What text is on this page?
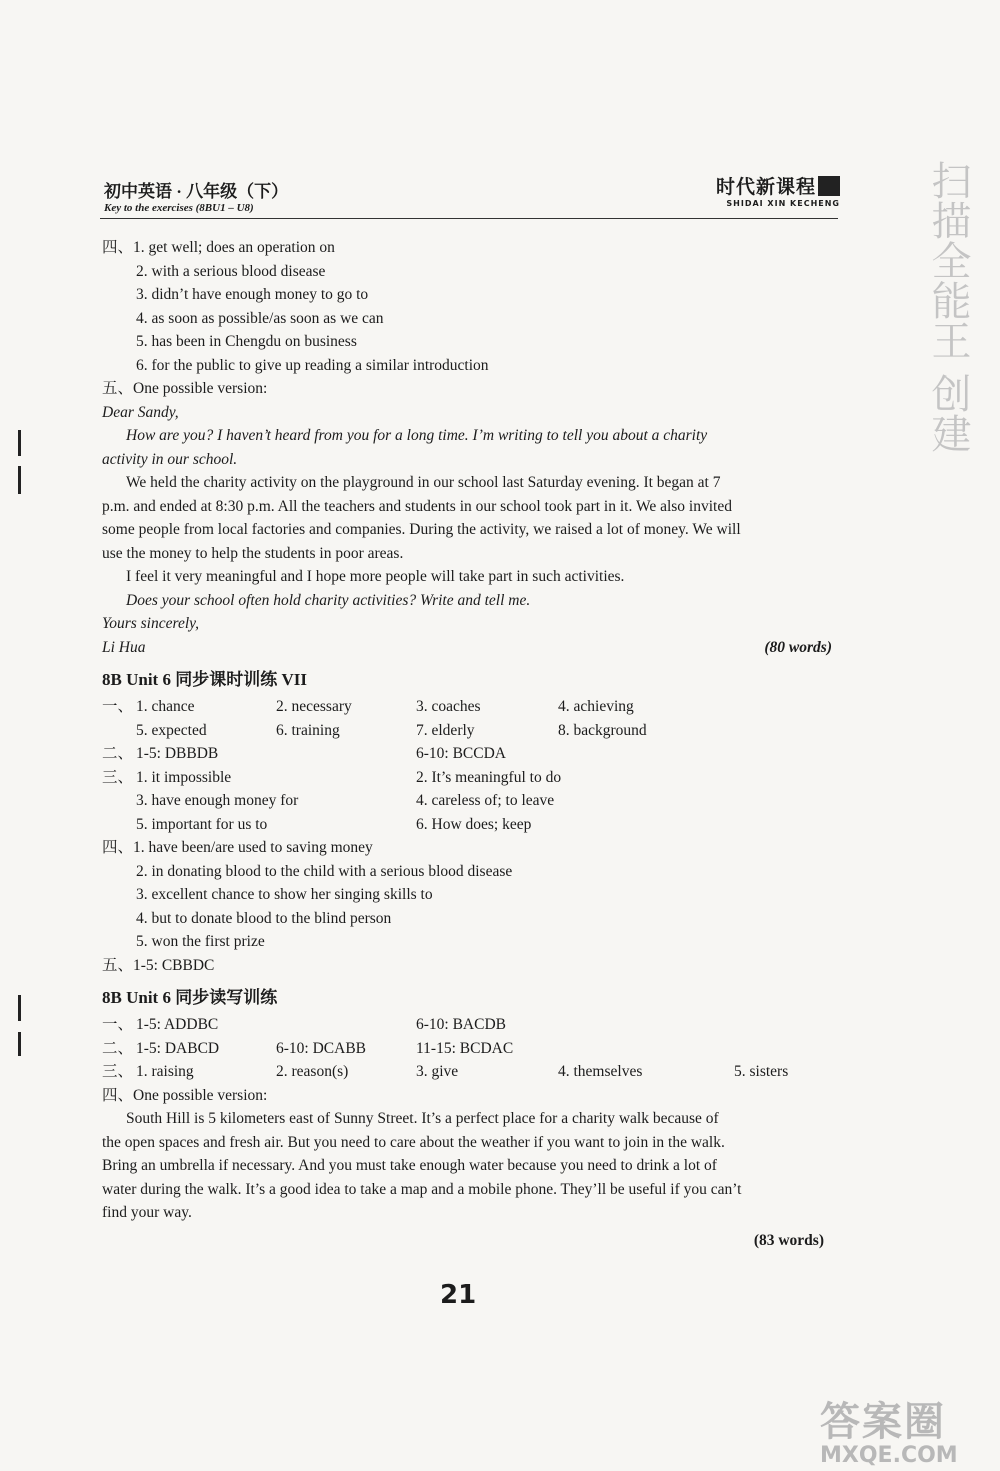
初中英语 · 八年级（下）
Key to the exercises (8BU1 – U8)
时代新课程
SHIDAI XIN KECHENG
四、1. get well; does an operation on
2. with a serious blood disease
3. didn’t have enough money to go to
4. as soon as possible/as soon as we can
5. has been in Chengdu on business
6. for the public to give up reading a similar introduction
五、One possible version:
Dear Sandy,
How are you? I haven’t heard from you for a long time. I’m writing to tell you about a charity
activity in our school.
We held the charity activity on the playground in our school last Saturday evening. It began at 7
p.m. and ended at 8:30 p.m. All the teachers and students in our school took part in it. We also invited
some people from local factories and companies. During the activity, we raised a lot of money. We will
use the money to help the students in poor areas.
I feel it very meaningful and I hope more people will take part in such activities.
Does your school often hold charity activities? Write and tell me.
Yours sincerely,
Li Hua	(80 words)
8B Unit 6 同步课时训练 VII
一、 1. chance	2. necessary	3. coaches	4. achieving
5. expected	6. training	7. elderly	8. background
二、 1-5: DBBDB	6-10: BCCDA
三、 1. it impossible	2. It’s meaningful to do
3. have enough money for	4. careless of; to leave
5. important for us to	6. How does; keep
四、1. have been/are used to saving money
2. in donating blood to the child with a serious blood disease
3. excellent chance to show her singing skills to
4. but to donate blood to the blind person
5. won the first prize
五、1-5: CBBDC
8B Unit 6 同步读写训练
一、 1-5: ADDBC	6-10: BACDB
二、 1-5: DABCD	6-10: DCABB	11-15: BCDAC
三、 1. raising	2. reason(s)	3. give	4. themselves	5. sisters
四、One possible version:
South Hill is 5 kilometers east of Sunny Street. It’s a perfect place for a charity walk because of
the open spaces and fresh air. But you need to care about the weather if you want to join in the walk.
Bring an umbrella if necessary. And you must take enough water because you need to drink a lot of
water during the walk. It’s a good idea to take a map and a mobile phone. They’ll be useful if you can’t
find your way.
(83 words)
21
扫描全能王 创建
答案圈
MXQE.COM
